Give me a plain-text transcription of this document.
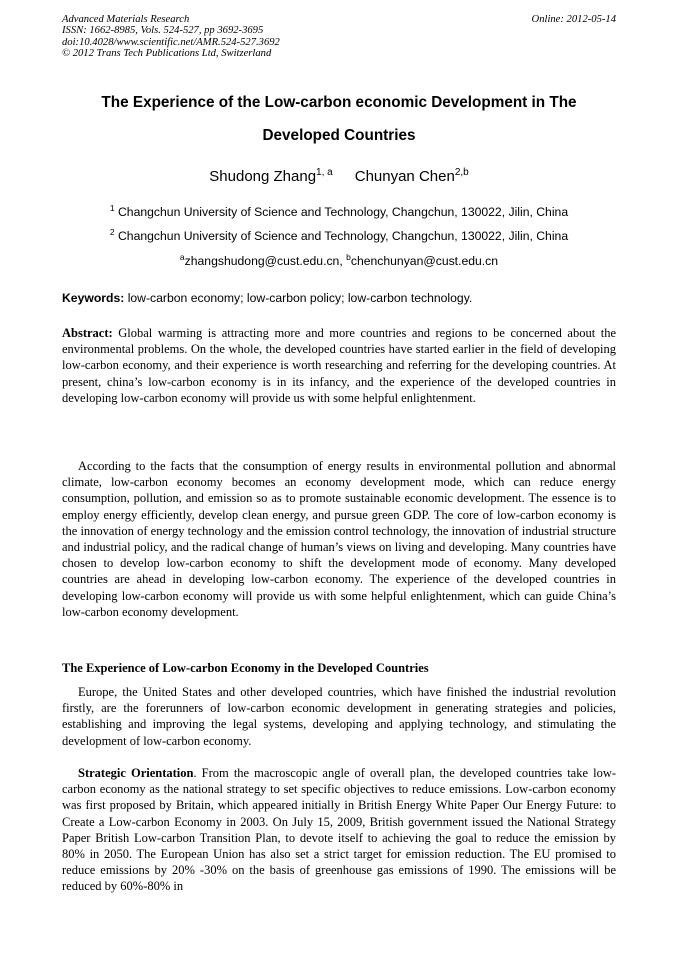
Advanced Materials Research
ISSN: 1662-8985, Vols. 524-527, pp 3692-3695
doi:10.4028/www.scientific.net/AMR.524-527.3692
© 2012 Trans Tech Publications Ltd, Switzerland
Online: 2012-05-14
The Experience of the Low-carbon economic Development in The
Developed Countries
Shudong Zhang$^{1, a}$ Chunyan Chen$^{2,b}$
$^1$ Changchun University of Science and Technology, Changchun, 130022, Jilin, China
$^2$ Changchun University of Science and Technology, Changchun, 130022, Jilin, China
$^a$zhangshudong@cust.edu.cn, $^b$chenchunyan@cust.edu.cn
Keywords: low-carbon economy; low-carbon policy; low-carbon technology.
Abstract: Global warming is attracting more and more countries and regions to be concerned about the environmental problems. On the whole, the developed countries have started earlier in the field of developing low-carbon economy, and their experience is worth researching and referring for the developing countries. At present, china’s low-carbon economy is in its infancy, and the experience of the developed countries in developing low-carbon economy will provide us with some helpful enlightenment.
According to the facts that the consumption of energy results in environmental pollution and abnormal climate, low-carbon economy becomes an economy development mode, which can reduce energy consumption, pollution, and emission so as to promote sustainable economic development. The essence is to employ energy efficiently, develop clean energy, and pursue green GDP. The core of low-carbon economy is the innovation of energy technology and the emission control technology, the innovation of industrial structure and industrial policy, and the radical change of human’s views on living and developing. Many countries have chosen to develop low-carbon economy to shift the development mode of economy. Many developed countries are ahead in developing low-carbon economy. The experience of the developed countries in developing low-carbon economy will provide us with some helpful enlightenment, which can guide China’s low-carbon economy development.
The Experience of Low-carbon Economy in the Developed Countries
Europe, the United States and other developed countries, which have finished the industrial revolution firstly, are the forerunners of low-carbon economic development in generating strategies and policies, establishing and improving the legal systems, developing and applying technology, and stimulating the development of low-carbon economy.
Strategic Orientation. From the macroscopic angle of overall plan, the developed countries take low-carbon economy as the national strategy to set specific objectives to reduce emissions. Low-carbon economy was first proposed by Britain, which appeared initially in British Energy White Paper Our Energy Future: to Create a Low-carbon Economy in 2003. On July 15, 2009, British government issued the National Strategy Paper British Low-carbon Transition Plan, to devote itself to achieving the goal to reduce the emission by 80% in 2050. The European Union has also set a strict target for emission reduction. The EU promised to reduce emissions by 20% -30% on the basis of greenhouse gas emissions of 1990. The emissions will be reduced by 60%-80% in
